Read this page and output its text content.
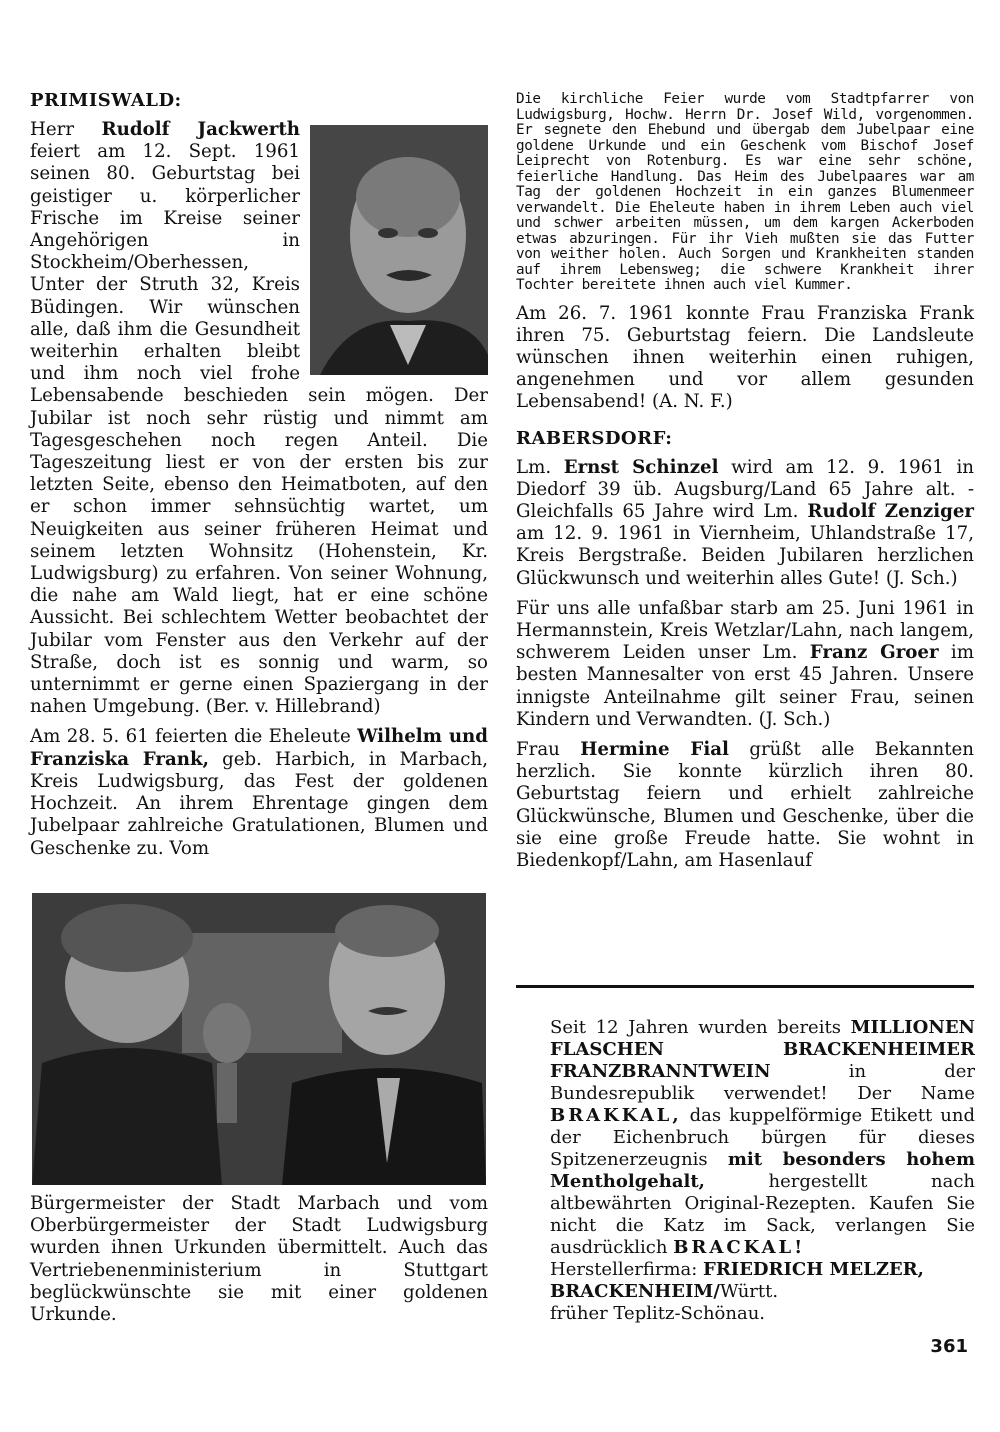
PRIMISWALD:

Herr Rudolf Jackwerth feiert am 12. Sept. 1961 seinen 80. Geburtstag bei geistiger u. körperlicher Frische im Kreise seiner Angehörigen in Stockheim/Oberhessen, Unter der Struth 32, Kreis Büdingen. Wir wünschen alle, daß ihm die Gesundheit weiterhin erhalten bleibt und ihm noch viel frohe Lebensabende beschieden sein mögen. Der Jubilar ist noch sehr rüstig und nimmt am Tagesgeschehen noch regen Anteil. Die Tageszeitung liest er von der ersten bis zur letzten Seite, ebenso den Heimatboten, auf den er schon immer sehnsüchtig wartet, um Neuigkeiten aus seiner früheren Heimat und seinem letzten Wohnsitz (Hohenstein, Kr. Ludwigsburg) zu erfahren. Von seiner Wohnung, die nahe am Wald liegt, hat er eine schöne Aussicht. Bei schlechtem Wetter beobachtet der Jubilar vom Fenster aus den Verkehr auf der Straße, doch ist es sonnig und warm, so unternimmt er gerne einen Spaziergang in der nahen Umgebung. (Ber. v. Hillebrand)

Am 28. 5. 61 feierten die Eheleute Wilhelm und Franziska Frank, geb. Harbich, in Marbach, Kreis Ludwigsburg, das Fest der goldenen Hochzeit. An ihrem Ehrentage gingen dem Jubelpaar zahlreiche Gratulationen, Blumen und Geschenke zu. Vom

Bürgermeister der Stadt Marbach und vom Oberbürgermeister der Stadt Ludwigsburg wurden ihnen Urkunden übermittelt. Auch das Vertriebenenministerium in Stuttgart beglückwünschte sie mit einer goldenen Urkunde.

Die kirchliche Feier wurde vom Stadtpfarrer von Ludwigsburg, Hochw. Herrn Dr. Josef Wild, vorgenommen. Er segnete den Ehebund und übergab dem Jubelpaar eine goldene Urkunde und ein Geschenk vom Bischof Josef Leiprecht von Rotenburg. Es war eine sehr schöne, feierliche Handlung. Das Heim des Jubelpaares war am Tag der goldenen Hochzeit in ein ganzes Blumenmeer verwandelt. Die Eheleute haben in ihrem Leben auch viel und schwer arbeiten müssen, um dem kargen Ackerboden etwas abzuringen. Für ihr Vieh mußten sie das Futter von weither holen. Auch Sorgen und Krankheiten standen auf ihrem Lebensweg; die schwere Krankheit ihrer Tochter bereitete ihnen auch viel Kummer.

Am 26. 7. 1961 konnte Frau Franziska Frank ihren 75. Geburtstag feiern. Die Landsleute wünschen ihnen weiterhin einen ruhigen, angenehmen und vor allem gesunden Lebensabend! (A. N. F.)

RABERSDORF:

Lm. Ernst Schinzel wird am 12. 9. 1961 in Diedorf 39 üb. Augsburg/Land 65 Jahre alt. - Gleichfalls 65 Jahre wird Lm. Rudolf Zenziger am 12. 9. 1961 in Viernheim, Uhlandstraße 17, Kreis Bergstraße. Beiden Jubilaren herzlichen Glückwunsch und weiterhin alles Gute! (J. Sch.)

Für uns alle unfaßbar starb am 25. Juni 1961 in Hermannstein, Kreis Wetzlar/Lahn, nach langem, schwerem Leiden unser Lm. Franz Groer im besten Mannesalter von erst 45 Jahren. Unsere innigste Anteilnahme gilt seiner Frau, seinen Kindern und Verwandten. (J. Sch.)

Frau Hermine Fial grüßt alle Bekannten herzlich. Sie konnte kürzlich ihren 80. Geburtstag feiern und erhielt zahlreiche Glückwünsche, Blumen und Geschenke, über die sie eine große Freude hatte. Sie wohnt in Biedenkopf/Lahn, am Hasenlauf

Seit 12 Jahren wurden bereits MILLIONEN FLASCHEN BRACKENHEIMER FRANZBRANNTWEIN in der Bundesrepublik verwendet! Der Name BRAKKAL, das kuppelförmige Etikett und der Eichenbruch bürgen für dieses Spitzenerzeugnis mit besonders hohem Mentholgehalt, hergestellt nach altbewährten Original-Rezepten. Kaufen Sie nicht die Katz im Sack, verlangen Sie ausdrücklich BRACKAL!

Herstellerfirma: FRIEDRICH MELZER, BRACKENHEIM/Württ.
früher Teplitz-Schönau.
361
